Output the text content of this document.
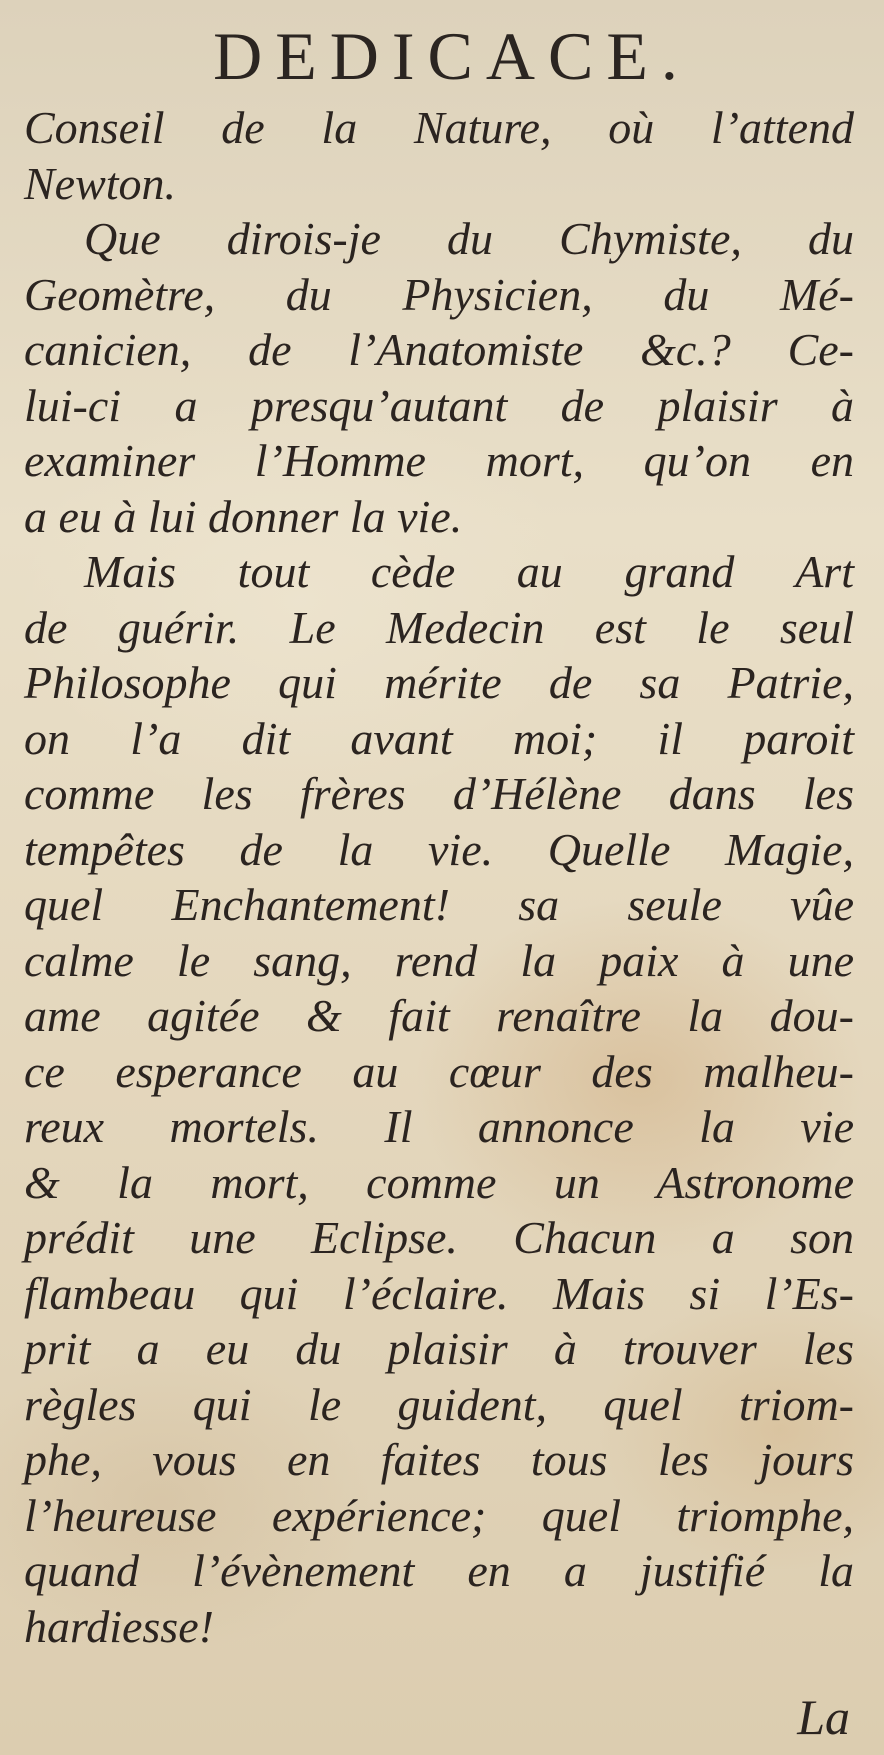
DEDICACE.
Conseil de la Nature, où l’attend
Newton.
Que dirois-je du Chymiste, du
Geomètre, du Physicien, du Mé-
canicien, de l’Anatomiste &c.? Ce-
lui-ci a presqu’autant de plaisir à
examiner l’Homme mort, qu’on en
a eu à lui donner la vie.
Mais tout cède au grand Art
de guérir. Le Medecin est le seul
Philosophe qui mérite de sa Patrie,
on l’a dit avant moi; il paroit
comme les frères d’Hélène dans les
tempêtes de la vie. Quelle Magie,
quel Enchantement! sa seule vûe
calme le sang, rend la paix à une
ame agitée & fait renaître la dou-
ce esperance au cœur des malheu-
reux mortels. Il annonce la vie
& la mort, comme un Astronome
prédit une Eclipse. Chacun a son
flambeau qui l’éclaire. Mais si l’Es-
prit a eu du plaisir à trouver les
règles qui le guident, quel triom-
phe, vous en faites tous les jours
l’heureuse expérience; quel triomphe,
quand l’évènement en a justifié la
hardiesse!
La
